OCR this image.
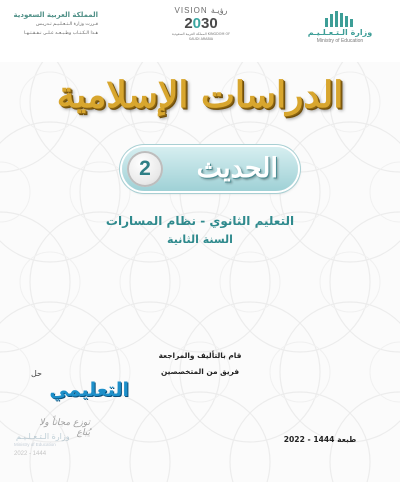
المملكة العربية السعودية
قـررت وزارة الـتـعـلـيـم تـدريـس
هـذا الـكـتـاب وطـبـعـه عـلـى نـفـقـتـهـا
VISION رؤيـة
2030
المملكة العربية السعودية KINGDOM OF SAUDI ARABIA
وزارة الـتـعـلـيـم
Ministry of Education
الدراسات الإسلامية
الحديث
2
التعليم الثانوي - نظام المسارات
السنة الثانية
قام بالتأليف والمراجعة
فريق من المتخصصين
حل
التعليمي
توزع مجاناً ولا يُباع
وزارة الـتـعـلـيـم
Ministry of Education
2022 - 1444
طبعة 1444 - 2022
